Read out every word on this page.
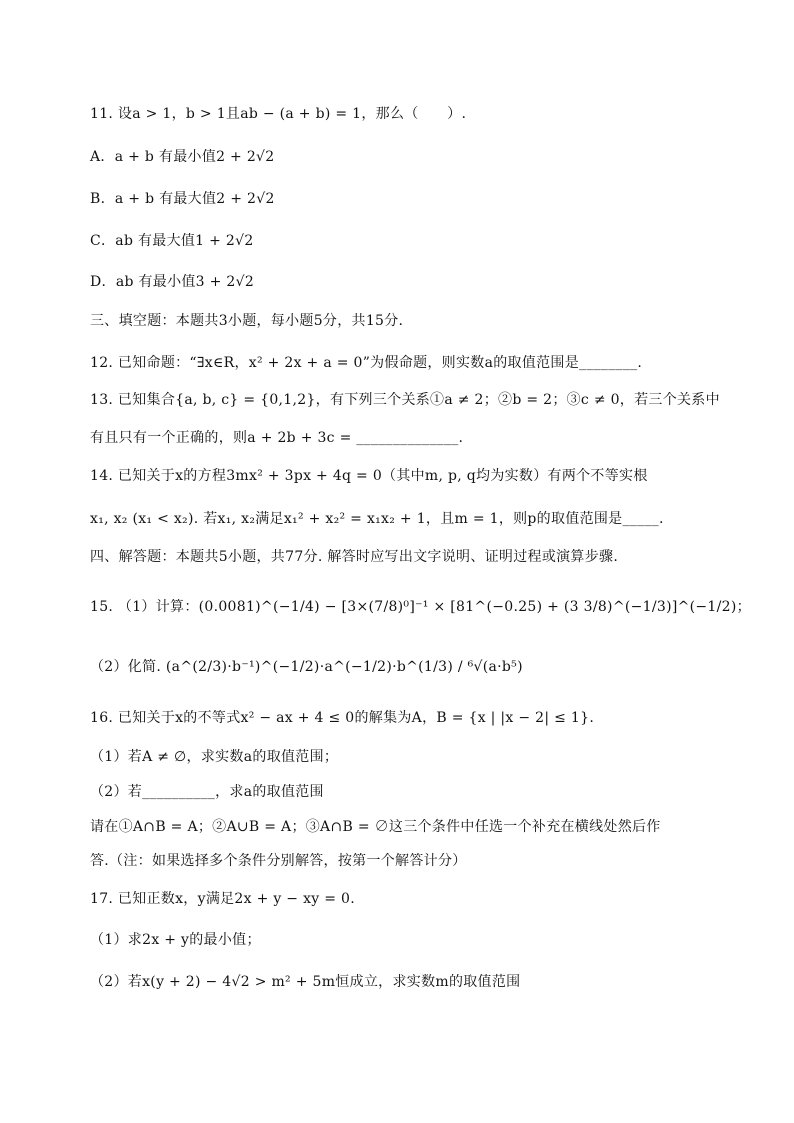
11. 设a > 1，b > 1且ab − (a + b) = 1，那么（　　）.
A．a + b 有最小值2 + 2√2
B．a + b 有最大值2 + 2√2
C．ab 有最大值1 + 2√2
D．ab 有最小值3 + 2√2
三、填空题：本题共3小题，每小题5分，共15分.
12. 已知命题：“∃x∈R，x² + 2x + a = 0”为假命题，则实数a的取值范围是________.
13. 已知集合{a, b, c} = {0,1,2}，有下列三个关系①a ≠ 2；②b = 2；③c ≠ 0，若三个关系中
有且只有一个正确的，则a + 2b + 3c = ______________.
14. 已知关于x的方程3mx² + 3px + 4q = 0（其中m, p, q均为实数）有两个不等实根
x₁, x₂ (x₁ < x₂). 若x₁, x₂满足x₁² + x₂² = x₁x₂ + 1，且m = 1，则p的取值范围是_____.
四、解答题：本题共5小题，共77分. 解答时应写出文字说明、证明过程或演算步骤.
15. （1）计算：(0.0081)^(−1/4) − [3×(7/8)⁰]⁻¹ × [81^(−0.25) + (3 3/8)^(−1/3)]^(−1/2)；
（2）化简. (a^(2/3)·b⁻¹)^(−1/2)·a^(−1/2)·b^(1/3) / ⁶√(a·b⁵)
16. 已知关于x的不等式x² − ax + 4 ≤ 0的解集为A，B = {x | |x − 2| ≤ 1}.
（1）若A ≠ ∅，求实数a的取值范围；
（2）若__________，求a的取值范围
请在①A∩B = A；②A∪B = A；③A∩B = ∅这三个条件中任选一个补充在横线处然后作
答.（注：如果选择多个条件分别解答，按第一个解答计分）
17. 已知正数x，y满足2x + y − xy = 0.
（1）求2x + y的最小值；
（2）若x(y + 2) − 4√2 > m² + 5m恒成立，求实数m的取值范围
